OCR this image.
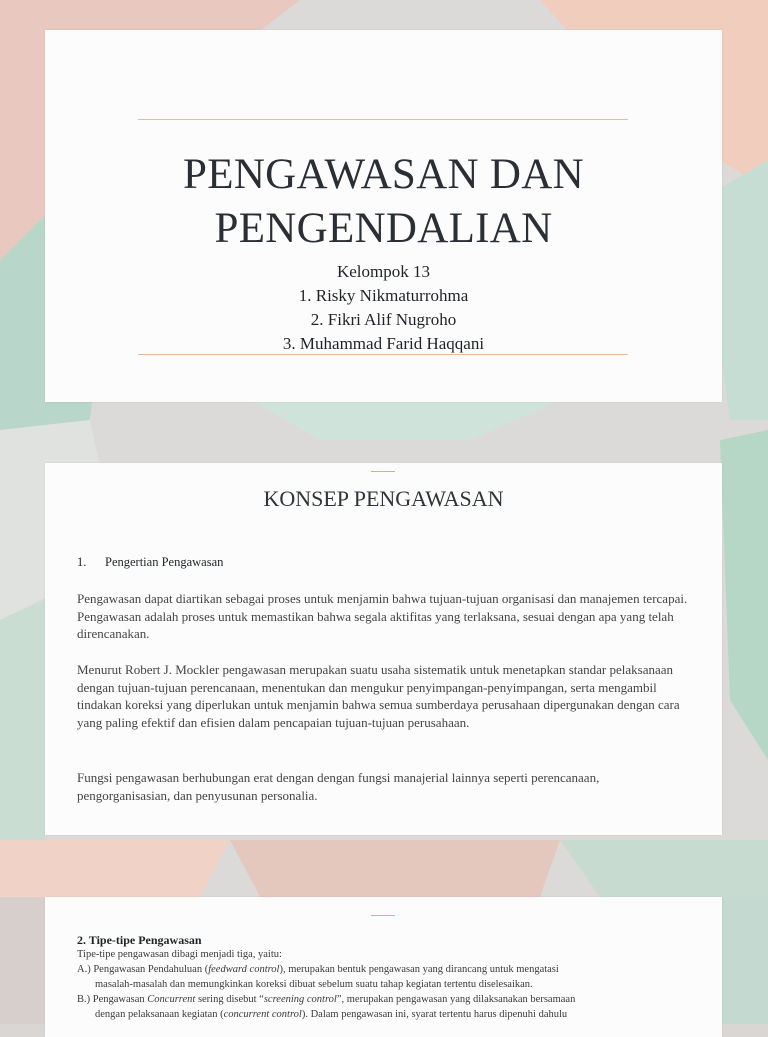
PENGAWASAN DAN
PENGENDALIAN
Kelompok 13
1. Risky Nikmaturrohma
2. Fikri Alif Nugroho
3. Muhammad Farid Haqqani
KONSEP PENGAWASAN
1. Pengertian Pengawasan
Pengawasan dapat diartikan sebagai proses untuk menjamin bahwa tujuan-tujuan organisasi dan manajemen tercapai. Pengawasan adalah proses untuk memastikan bahwa segala aktifitas yang terlaksana, sesuai dengan apa yang telah direncanakan.
Menurut Robert J. Mockler pengawasan merupakan suatu usaha sistematik untuk menetapkan standar pelaksanaan dengan tujuan-tujuan perencanaan, menentukan dan mengukur penyimpangan-penyimpangan, serta mengambil tindakan koreksi yang diperlukan untuk menjamin bahwa semua sumberdaya perusahaan dipergunakan dengan cara yang paling efektif dan efisien dalam pencapaian tujuan-tujuan perusahaan.
Fungsi pengawasan berhubungan erat dengan dengan fungsi manajerial lainnya seperti perencanaan, pengorganisasian, dan penyusunan personalia.
2. Tipe-tipe Pengawasan
Tipe-tipe pengawasan dibagi menjadi tiga, yaitu:
A.) Pengawasan Pendahuluan (feedward control), merupakan bentuk pengawasan yang dirancang untuk mengatasi
masalah-masalah dan memungkinkan koreksi dibuat sebelum suatu tahap kegiatan tertentu diselesaikan.
B.) Pengawasan Concurrent sering disebut “screening control”, merupakan pengawasan yang dilaksanakan bersamaan
dengan pelaksanaan kegiatan (concurrent control). Dalam pengawasan ini, syarat tertentu harus dipenuhi dahulu
